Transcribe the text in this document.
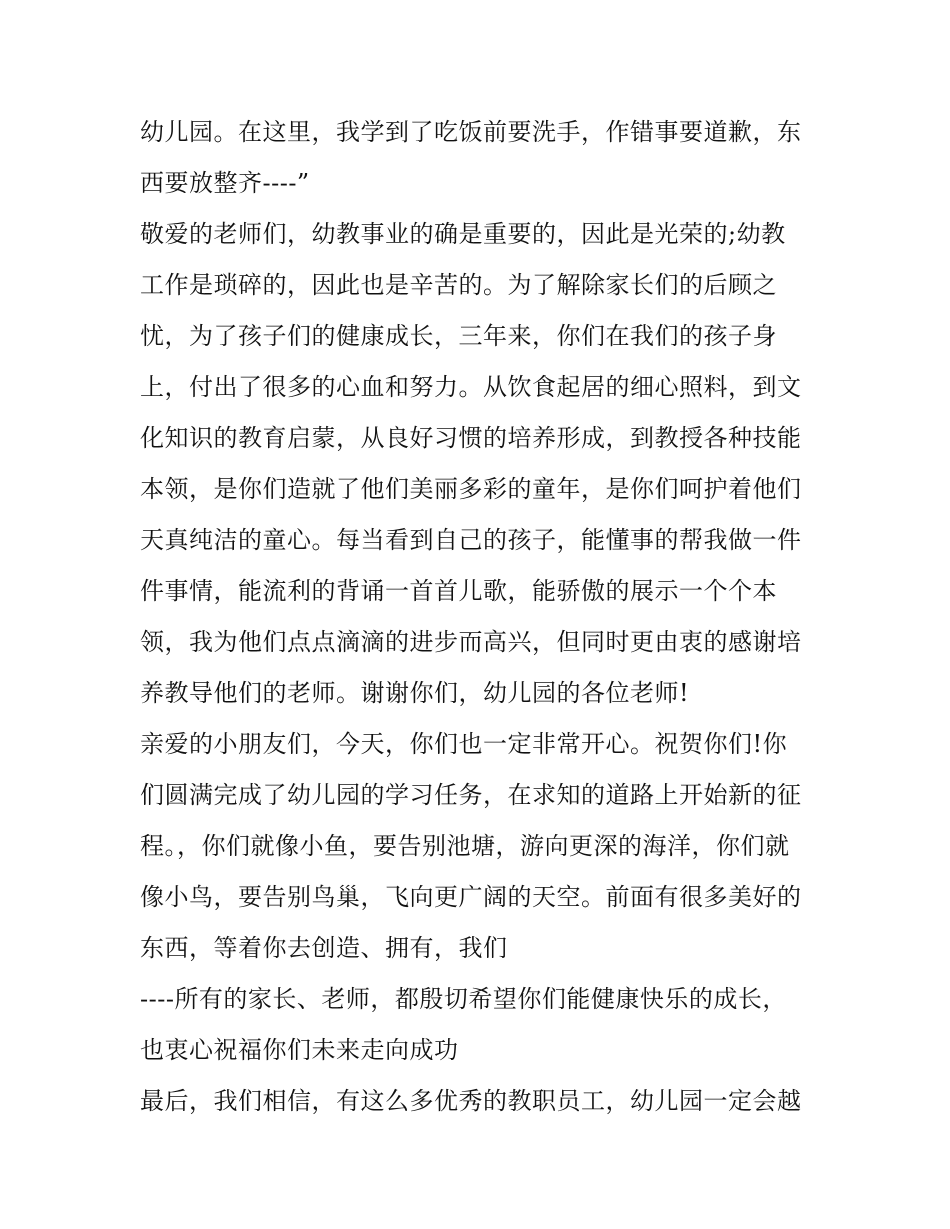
幼儿园。在这里，我学到了吃饭前要洗手，作错事要道歉，东
西要放整齐----”
敬爱的老师们，幼教事业的确是重要的，因此是光荣的;幼教
工作是琐碎的，因此也是辛苦的。为了解除家长们的后顾之
忧，为了孩子们的健康成长，三年来，你们在我们的孩子身
上，付出了很多的心血和努力。从饮食起居的细心照料，到文
化知识的教育启蒙，从良好习惯的培养形成，到教授各种技能
本领，是你们造就了他们美丽多彩的童年，是你们呵护着他们
天真纯洁的童心。每当看到自己的孩子，能懂事的帮我做一件
件事情，能流利的背诵一首首儿歌，能骄傲的展示一个个本
领，我为他们点点滴滴的进步而高兴，但同时更由衷的感谢培
养教导他们的老师。谢谢你们，幼儿园的各位老师!
亲爱的小朋友们，今天，你们也一定非常开心。祝贺你们!你
们圆满完成了幼儿园的学习任务，在求知的道路上开始新的征
程。，你们就像小鱼，要告别池塘，游向更深的海洋，你们就
像小鸟，要告别鸟巢，飞向更广阔的天空。前面有很多美好的
东西，等着你去创造、拥有，我们
----所有的家长、老师，都殷切希望你们能健康快乐的成长，
也衷心祝福你们未来走向成功
最后，我们相信，有这么多优秀的教职员工，幼儿园一定会越
